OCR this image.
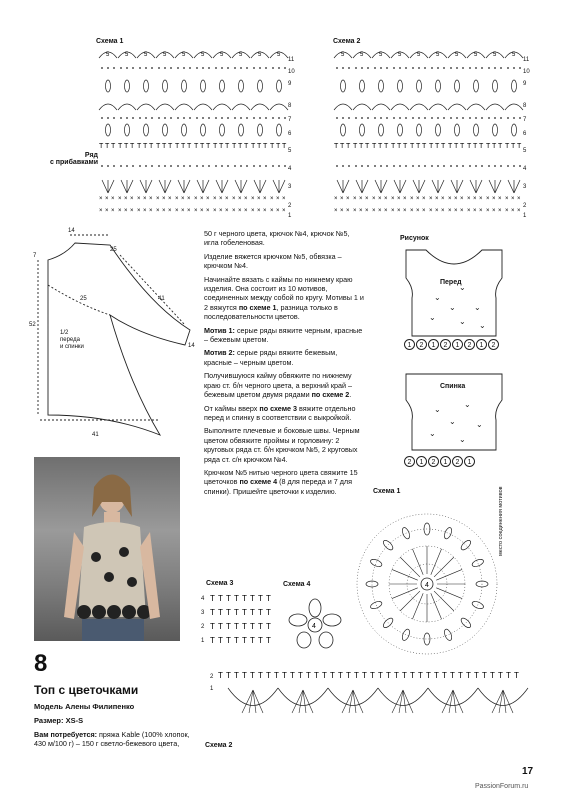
Схема 1	Схема 2
Ряд
с прибавками
5
× × ×
× × ×
T T T
5
× × ×
× × ×
T T T
5
× × ×
× × ×
T T T
5
× × ×
× × ×
T T T
5
× × ×
× × ×
T T T
5
× × ×
× × ×
T T T
5
× × ×
× × ×
T T T
5
× × ×
× × ×
T T T
5
× × ×
× × ×
T T T
5
× × ×
× × ×
T T T
5
× × ×
× × ×
T T T
5
× × ×
× × ×
T T T
5
× × ×
× × ×
T T T
5
× × ×
× × ×
T T T
5
× × ×
× × ×
T T T
5
× × ×
× × ×
T T T
5
× × ×
× × ×
T T T
5
× × ×
× × ×
T T T
5
× × ×
× × ×
T T T
5
× × ×
× × ×
T T T
11
10
9
8
7
6
5
4
3
2
1
11
10
9
8
7
6
5
4
3
2
1
14
25
7
25	41
14
52
41
1/2
переда
и спинки
8
Топ с цветочками
Модель Алены Филипенко
Размер: XS-S
Вам потребуется: пряжа Kable (100% хлопок, 430 м/100 г) – 150 г светло-бежевого цвета,

50 г черного цвета, крючок №4, крючок №5, игла гобеленовая.

Изделие вяжется крючком №5, обвязка – крючком №4.

Начинайте вязать с каймы по нижнему краю изделия. Она состоит из 10 мотивов, соединенных между собой по кругу. Мотивы 1 и 2 вяжутся по схеме 1, разница только в последовательности цветов.

Мотив 1: серые ряды вяжите черным, красные – бежевым цветом.

Мотив 2: серые ряды вяжите бежевым, красные – черным цветом.

Получившуюся кайму обвяжите по нижнему краю ст. б/н черного цвета, а верхний край – бежевым цветом двумя рядами по схеме 2.

От каймы вверх по схеме 3 вяжите отдельно перед и спинку в соответствии с выкройкой.

Выполните плечевые и боковые швы. Черным цветом обвяжите проймы и горловину: 2 круговых ряда ст. б/н крючком №5, 2 круговых ряда ст. с/н крючком №4.

Крючком №5 нитью черного цвета свяжите 15 цветочков по схеме 4 (8 для переда и 7 для спинки). Пришейте цветочки к изделию.

Рисунок
⌄
⌄
⌄ ⌄
⌄	⌄ ⌄
Перед
1	2	1	2	1	2	1	2
⌄
⌄
⌄	⌄
⌄
⌄
Спинка
2	1	2	1	2	1
Схема 1	место соединения мотивов
4
Схема 3	Схема 4
Схема 2
T T T T T T T T
T T T T T T T T
T T T T T T T T
T T T T T T T T
4
3
2
1
4
T T T T T T T T T T T T T T T T T T T T T T T T T T T T T T T T T T T T T T
2
1
17
PassionForum.ru
